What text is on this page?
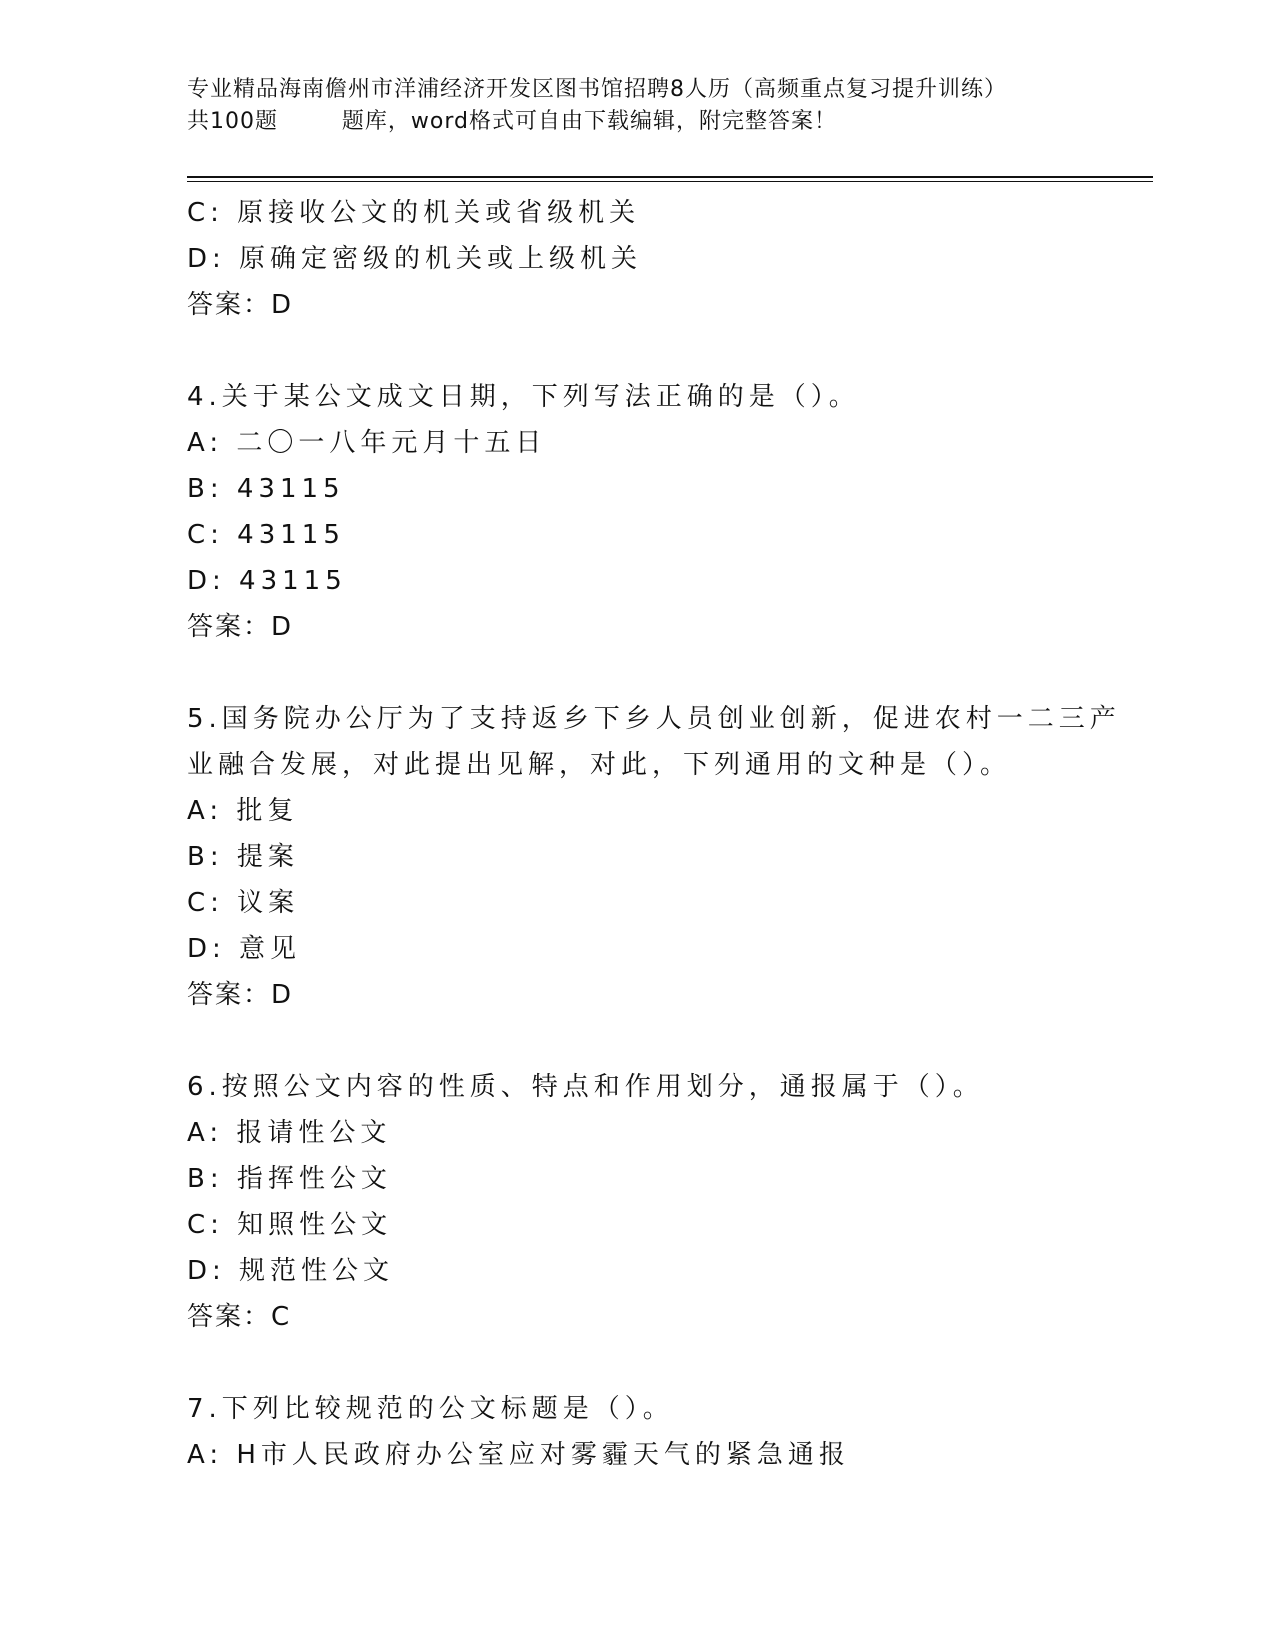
专业精品海南儋州市洋浦经济开发区图书馆招聘8人历（高频重点复习提升训练）
共100题        题库，word格式可自由下载编辑，附完整答案！
C: 原接收公文的机关或省级机关
D: 原确定密级的机关或上级机关
答案：D
4.关于某公文成文日期，下列写法正确的是（）。
A: 二〇一八年元月十五日
B: 43115
C: 43115
D: 43115
答案：D
5.国务院办公厅为了支持返乡下乡人员创业创新，促进农村一二三产
业融合发展，对此提出见解，对此，下列通用的文种是（）。
A: 批复
B: 提案
C: 议案
D: 意见
答案：D
6.按照公文内容的性质、特点和作用划分，通报属于（）。
A: 报请性公文
B: 指挥性公文
C: 知照性公文
D: 规范性公文
答案：C
7.下列比较规范的公文标题是（）。
A: H市人民政府办公室应对雾霾天气的紧急通报
